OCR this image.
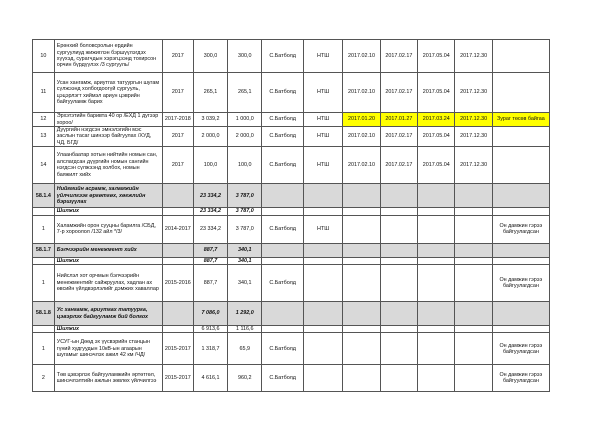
10	Ерөнхий боловсролын ердийн сургуулиуд жижиглэн бэршүүлэгдэх хүүхэд, сурагчдын хэрэгцээнд тохирсон орчин бүрдүүлэх /3 сургууль/	2017	300,0	300,0	С.Батболд	НТШ	2017.02.10	2017.02.17	2017.05.04	2017.12.30	
11	Усан хангамж, ариутгах татуургын шугам сүлжээнд холбогдоогүй сургууль, цэцэрлэгт хиймэл ариун цэврийн байгууламж барих	2017	265,1	265,1	С.Батболд	НТШ	2017.02.10	2017.02.17	2017.05.04	2017.12.30	
12	Эрхэтэтийн баривта 40 ор /ЕХД 1 дугээр хороо/	2017-2018	3 039,2	1 000,0	С.Батболд	НТШ	2017.01.20	2017.01.27	2017.03.24	2017.12.30	Зураг төсөв байгаа
13	Дүүргийн нэгдсэн эмнэлэгийн мэс заслын тасаг шинээр байгуулах /ХУД, ЧД, БГД/	2017	2 000,0	2 000,0	С.Батболд	НТШ	2017.02.10	2017.02.17	2017.05.04	2017.12.30	
14	Улаанбаатар хотын нийтийн номын сан, алслагдсан дүүргийн номын сангийн нэгдсэн сүлжээнд холбох, номын баяжилт хийх	2017	100,0	100,0	С.Батболд	НТШ	2017.02.10	2017.02.17	2017.05.04	2017.12.30	
58.1.4	Нийгмийн асрамж, халамжийн үйлчилгээг өргөтгөх, хөгжлийн бэршүүлах		23 334,2	3 787,0							
	Шилжих		23 334,2	3 787,0							
1	Халамжийн орон сууцны барилга /СБД, 7-р хороолол /132 айл */3/	2014-2017	23 334,2	3 787,0	С.Батболд	НТШ					Он дамжин гэрээ байгуулагдсан
58.1.7	Бэлчээрийн менежмент хийх		887,7	340,1							
	Шилжих		887,7	340,1							
1	Нийслэл хот орчмын бэлчээрийн менежментийг сайжруулах, хадлан ах өвсийн үйлдвэрлэлийг дэмжих хаваллар	2015-2016	887,7	340,1	С.Батболд						Он дамжин гэрээ байгуулагдсан
58.1.8	Ус хангамж, ариутгах татуурга, цэвэрлэх байгууламж бий болгох		7 086,0	1 292,0							
	Шилжих		6 913,6	1 116,6							
1	УСУГ-ын Дөөд эх үүсвэрийн станцын гүний худгуудын 10кВ-ын агаарын шугамыг шинэчлэх ажил 42 км /ЧД/	2015-2017	1 318,7	65,9	С.Батболд						Он дамжин гэрээ байгуулагдсан
2	Төв цэвэрлэх байгууламжийн әртөтгөл, шинэчлэлтийн ажлын зөвлөх үйлчилгээ	2015-2017	4 616,1	960,2	С.Батболд						Он дамжин гэрээ байгуулагдсан
